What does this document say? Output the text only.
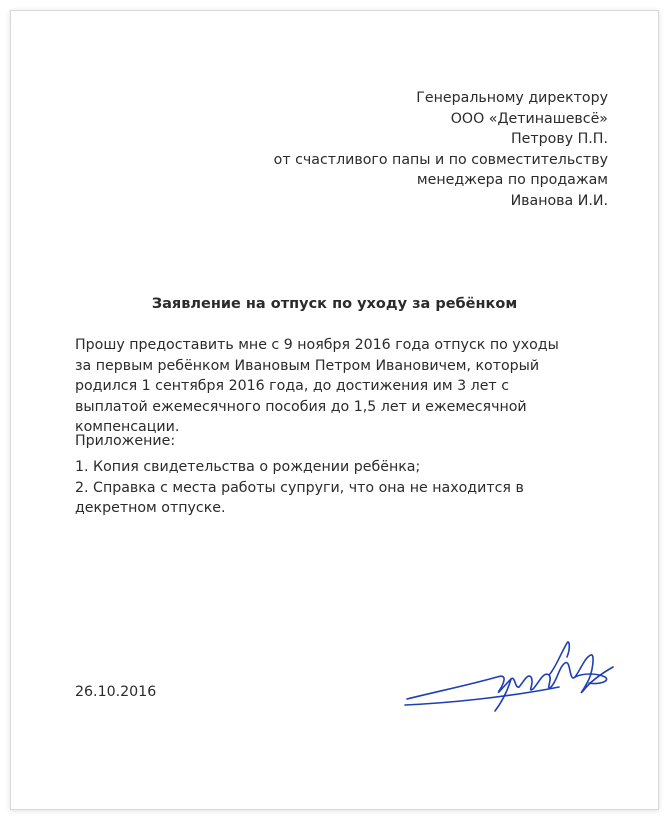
Генеральному директору
ООО «Детинашевсё»
Петрову П.П.
от счастливого папы и по совместительству
менеджера по продажам
Иванова И.И.
Заявление на отпуск по уходу за ребёнком
Прошу предоставить мне с 9 ноября 2016 года отпуск по уходы за первым ребёнком Ивановым Петром Ивановичем, который родился 1 сентября 2016 года, до достижения им 3 лет с выплатой ежемесячного пособия до 1,5 лет и ежемесячной компенсации.
Приложение:
1. Копия свидетельства о рождении ребёнка;
2. Справка с места работы супруги, что она не находится в декретном отпуске.
26.10.2016
